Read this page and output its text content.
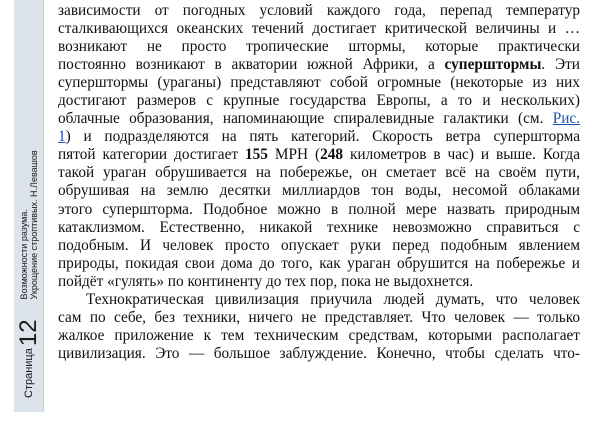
Страница
12
Возможности разума. Укрощение строптивых. Н.Левашов
зависимости от погодных условий каждого года, перепад температур
сталкивающихся океанских течений достигает критической величины и …
возникают не просто тропические штормы, которые практически
постоянно возникают в акватории южной Африки, а суперштормы. Эти
суперштормы (ураганы) представляют собой огромные (некоторые из них
достигают размеров с крупные государства Европы, а то и нескольких)
облачные образования, напоминающие спиралевидные галактики (см. Рис.
1) и подразделяются на пять категорий. Скорость ветра супершторма
пятой категории достигает 155 MPH (248 километров в час) и выше. Когда
такой ураган обрушивается на побережье, он сметает всё на своём пути,
обрушивая на землю десятки миллиардов тон воды, несомой облаками
этого супершторма. Подобное можно в полной мере назвать природным
катаклизмом. Естественно, никакой технике невозможно справиться с
подобным. И человек просто опускает руки перед подобным явлением
природы, покидая свои дома до того, как ураган обрушится на побережье и
пойдёт «гулять» по континенту до тех пор, пока не выдохнется.
Технократическая цивилизация приучила людей думать, что человек
сам по себе, без техники, ничего не представляет. Что человек — только
жалкое приложение к тем техническим средствам, которыми располагает
цивилизация. Это — большое заблуждение. Конечно, чтобы сделать что-
